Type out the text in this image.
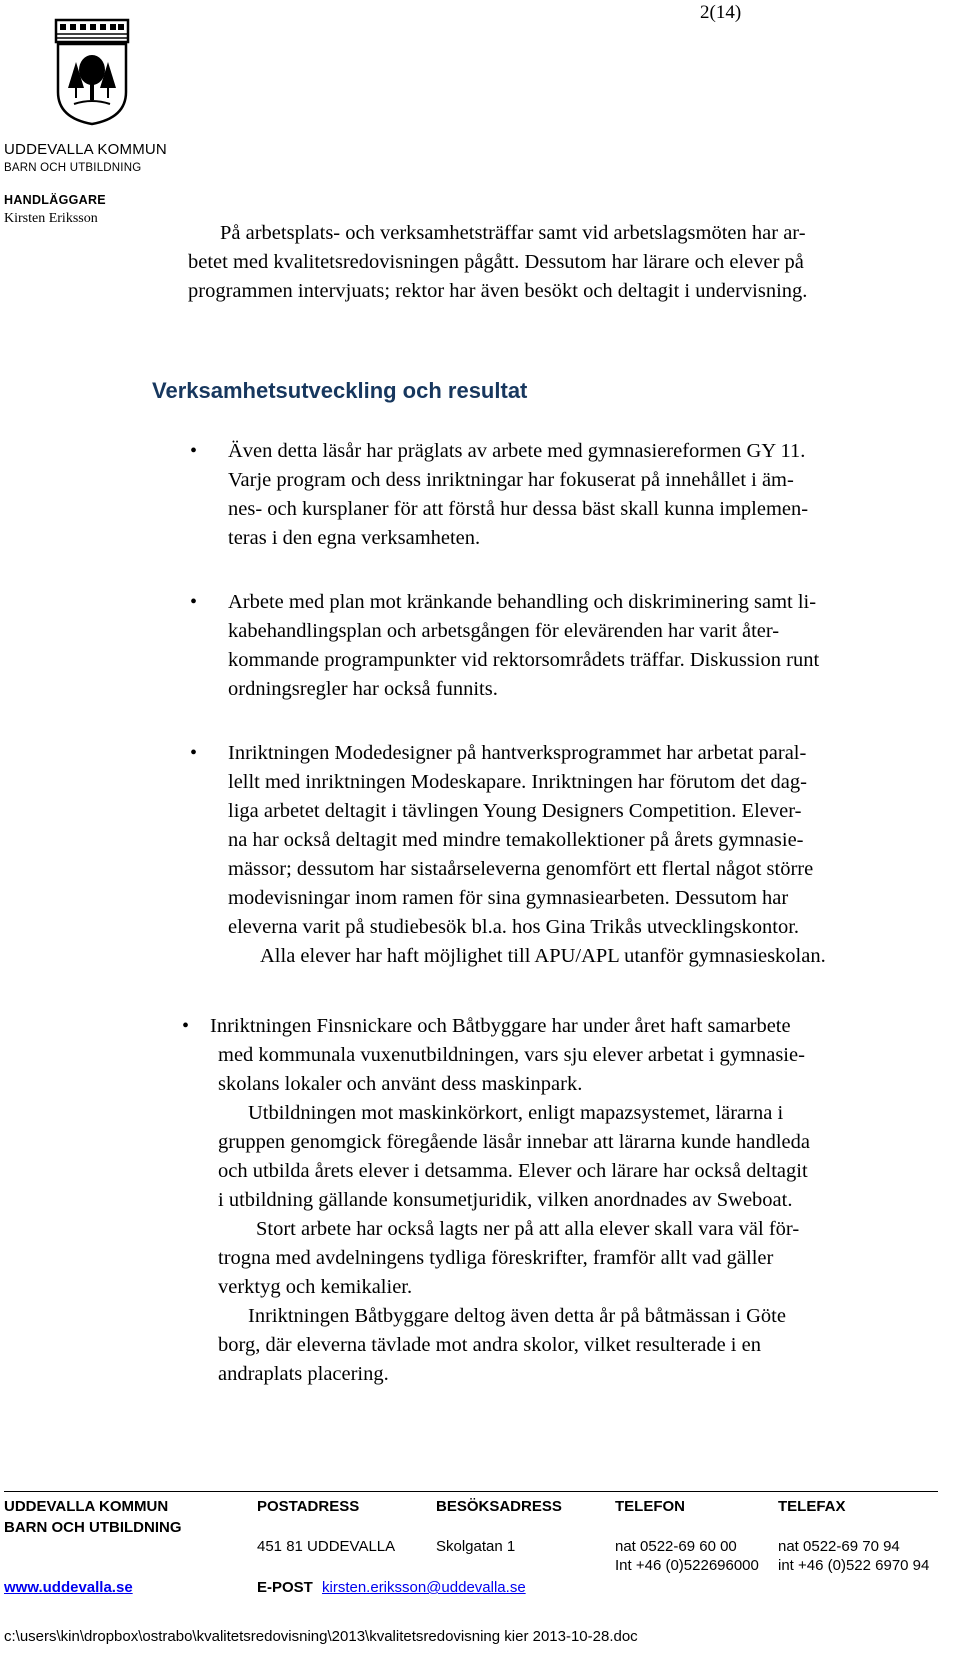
2(14)
UDDEVALLA KOMMUN
BARN OCH UTBILDNING
HANDLÄGGARE
Kirsten Eriksson
På arbetsplats- och verksamhetsträffar samt vid arbetslagsmöten har ar-
betet med kvalitetsredovisningen pågått. Dessutom har lärare och elever på
programmen intervjuats; rektor har även besökt och deltagit i undervisning.
Verksamhetsutveckling och resultat
• Även detta läsår har präglats av arbete med gymnasiereformen GY 11.

Varje program och dess inriktningar har fokuserat på innehållet i äm-

nes- och kursplaner för att förstå hur dessa bäst skall kunna implemen-

teras i den egna verksamheten.

• Arbete med plan mot kränkande behandling och diskriminering samt li-

kabehandlingsplan och arbetsgången för elevärenden har varit åter-

kommande programpunkter vid rektorsområdets träffar. Diskussion runt

ordningsregler har också funnits.

• Inriktningen Modedesigner på hantverksprogrammet har arbetat paral-

lellt med inriktningen Modeskapare. Inriktningen har förutom det dag-

liga arbetet deltagit i tävlingen Young Designers Competition. Elever-

na har också deltagit med mindre temakollektioner på årets gymnasie-

mässor; dessutom har sistaårseleverna genomfört ett flertal något större

modevisningar inom ramen för sina gymnasiearbeten. Dessutom har

eleverna varit på studiebesök bl.a. hos Gina Trikås utvecklingskontor.

Alla elever har haft möjlighet till APU/APL utanför gymnasieskolan.

• Inriktningen Finsnickare och Båtbyggare har under året haft samarbete

med kommunala vuxenutbildningen, vars sju elever arbetat i gymnasie-

skolans lokaler och använt dess maskinpark.

Utbildningen mot maskinkörkort, enligt mapazsystemet, lärarna i

gruppen genomgick föregående läsår innebar att lärarna kunde handleda

och utbilda årets elever i detsamma. Elever och lärare har också deltagit

i utbildning gällande konsumetjuridik, vilken anordnades av Sweboat.

Stort arbete har också lagts ner på att alla elever skall vara väl för-

trogna med avdelningens tydliga föreskrifter, framför allt vad gäller

verktyg och kemikalier.

Inriktningen Båtbyggare deltog även detta år på båtmässan i Göte

borg, där eleverna tävlade mot andra skolor, vilket resulterade i en

andraplats placering.

UDDEVALLA KOMMUN
BARN OCH UTBILDNING
www.uddevalla.se
POSTADRESS
451 81 UDDEVALLA
BESÖKSADRESS
Skolgatan 1
TELEFON
nat 0522-69 60 00
Int +46 (0)522696000
TELEFAX
nat 0522-69 70 94
int +46 (0)522 6970 94
E-POST kirsten.eriksson@uddevalla.se
c:\users\kin\dropbox\ostrabo\kvalitetsredovisning\2013\kvalitetsredovisning kier 2013-10-28.doc
